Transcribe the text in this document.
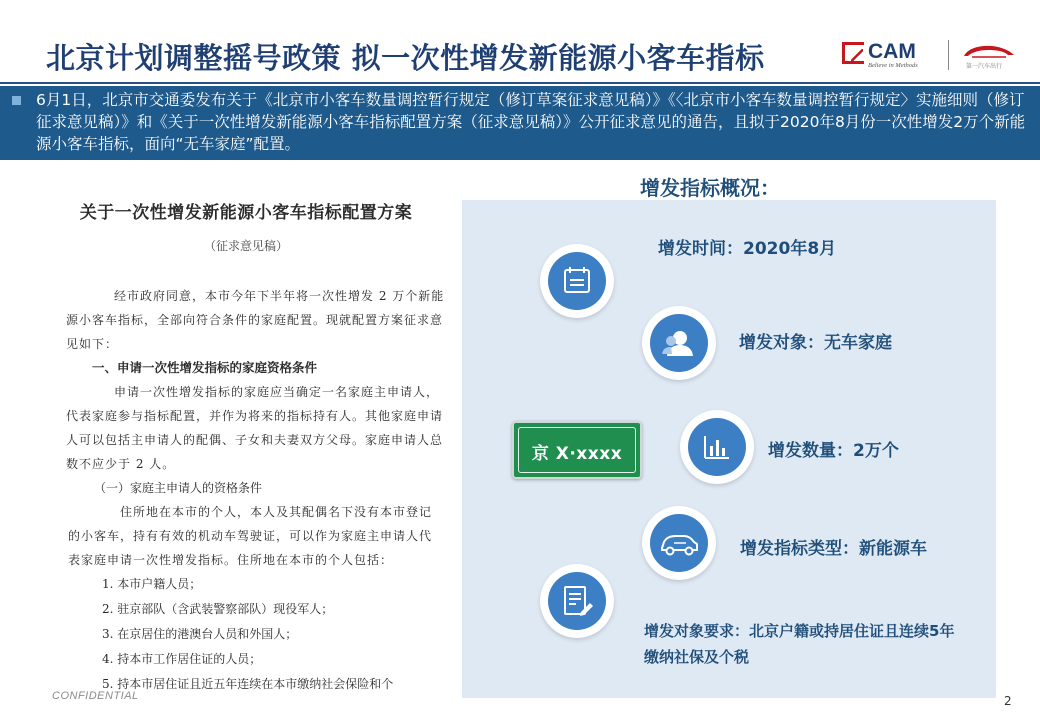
北京计划调整摇号政策 拟一次性增发新能源小客车指标	CAM
Believe in Methods	第一汽车出行
6月1日，北京市交通委发布关于《北京市小客车数量调控暂行规定（修订草案征求意见稿）》《〈北京市小客车数量调控暂行规定〉实施细则（修订征求意见稿）》和《关于一次性增发新能源小客车指标配置方案（征求意见稿）》公开征求意见的通告，且拟于2020年8月份一次性增发2万个新能源小客车指标，面向“无车家庭”配置。
关于一次性增发新能源小客车指标配置方案
（征求意见稿）
经市政府同意，本市今年下半年将一次性增发 2 万个新能源小客车指标，全部向符合条件的家庭配置。现就配置方案征求意见如下：
一、申请一次性增发指标的家庭资格条件
申请一次性增发指标的家庭应当确定一名家庭主申请人，代表家庭参与指标配置，并作为将来的指标持有人。其他家庭申请人可以包括主申请人的配偶、子女和夫妻双方父母。家庭申请人总数不应少于 2 人。
（一）家庭主申请人的资格条件
住所地在本市的个人，本人及其配偶名下没有本市登记的小客车，持有有效的机动车驾驶证，可以作为家庭主申请人代表家庭申请一次性增发指标。住所地在本市的个人包括：
1. 本市户籍人员；
2. 驻京部队（含武装警察部队）现役军人；
3. 在京居住的港澳台人员和外国人；
4. 持本市工作居住证的人员；
5. 持本市居住证且近五年连续在本市缴纳社会保险和个
CONFIDENTIAL
增发指标概况：
增发时间：2020年8月
增发对象：无车家庭
增发数量：2万个
京 X·xxxx
增发指标类型：新能源车
增发对象要求：北京户籍或持居住证且连续5年缴纳社保及个税
2
